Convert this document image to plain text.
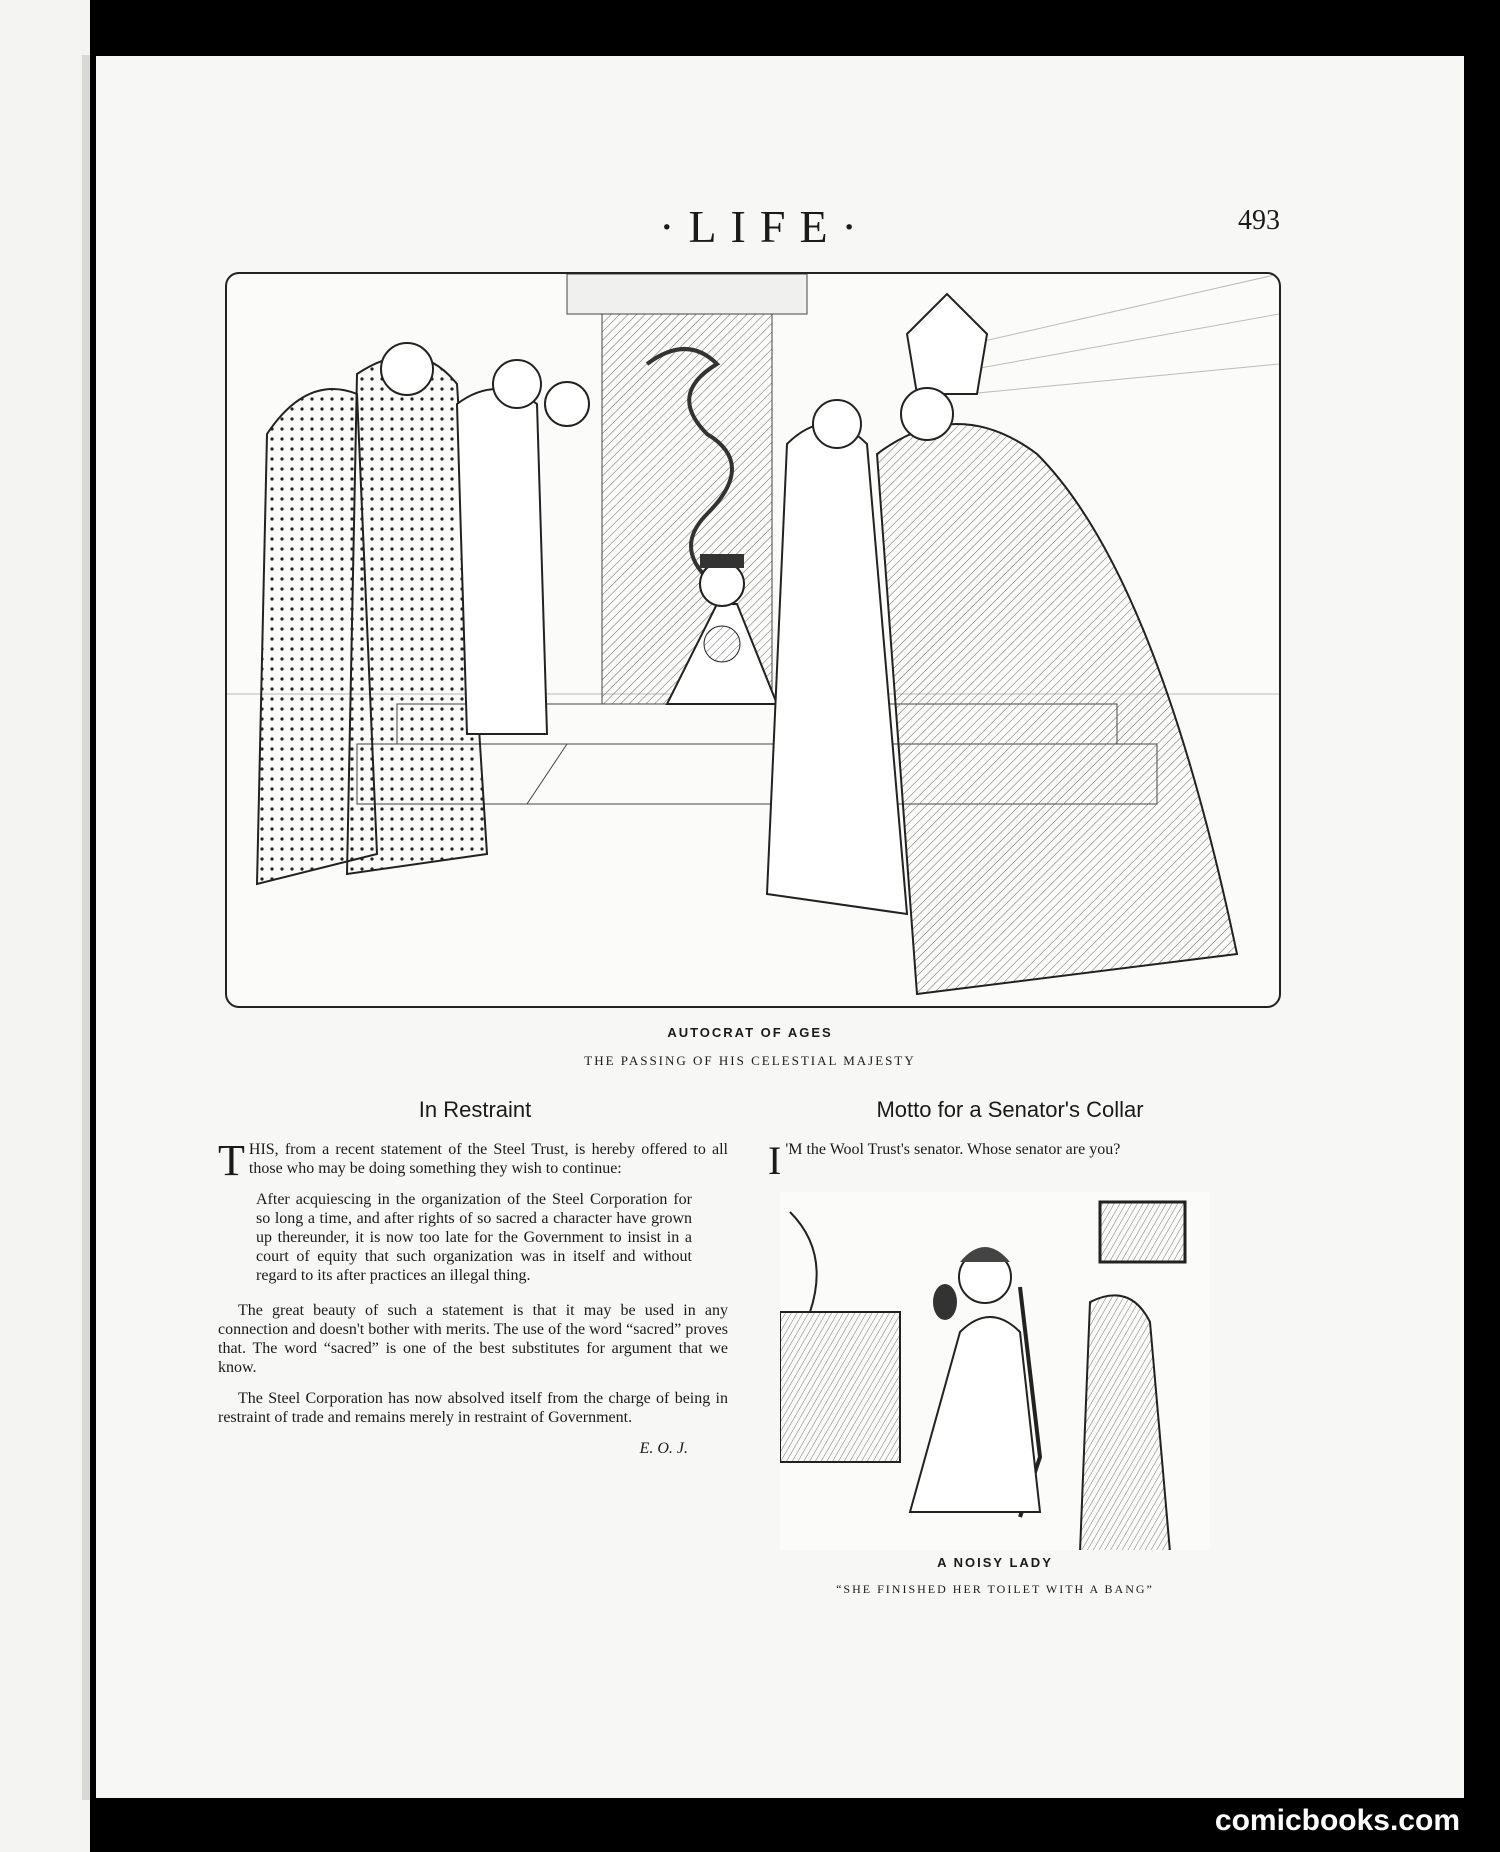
·LIFE·	493
AUTOCRAT OF AGES
THE PASSING OF HIS CELESTIAL MAJESTY
In Restraint	Motto for a Senator's Collar

T HIS, from a recent statement of the Steel Trust, is hereby offered to all those who may be doing something they wish to continue:

After acquiescing in the organization of the Steel Corporation for so long a time, and after rights of so sacred a character have grown up thereunder, it is now too late for the Government to insist in a court of equity that such organization was in itself and without regard to its after practices an illegal thing.

The great beauty of such a statement is that it may be used in any connection and doesn't bother with merits. The use of the word “sacred” proves that. The word “sacred” is one of the best substitutes for argument that we know.

The Steel Corporation has now absolved itself from the charge of being in restraint of trade and remains merely in restraint of Government.

E. O. J.

I 'M the Wool Trust's senator. Whose senator are you?

A NOISY LADY
“SHE FINISHED HER TOILET WITH A BANG”
comicbooks.com
